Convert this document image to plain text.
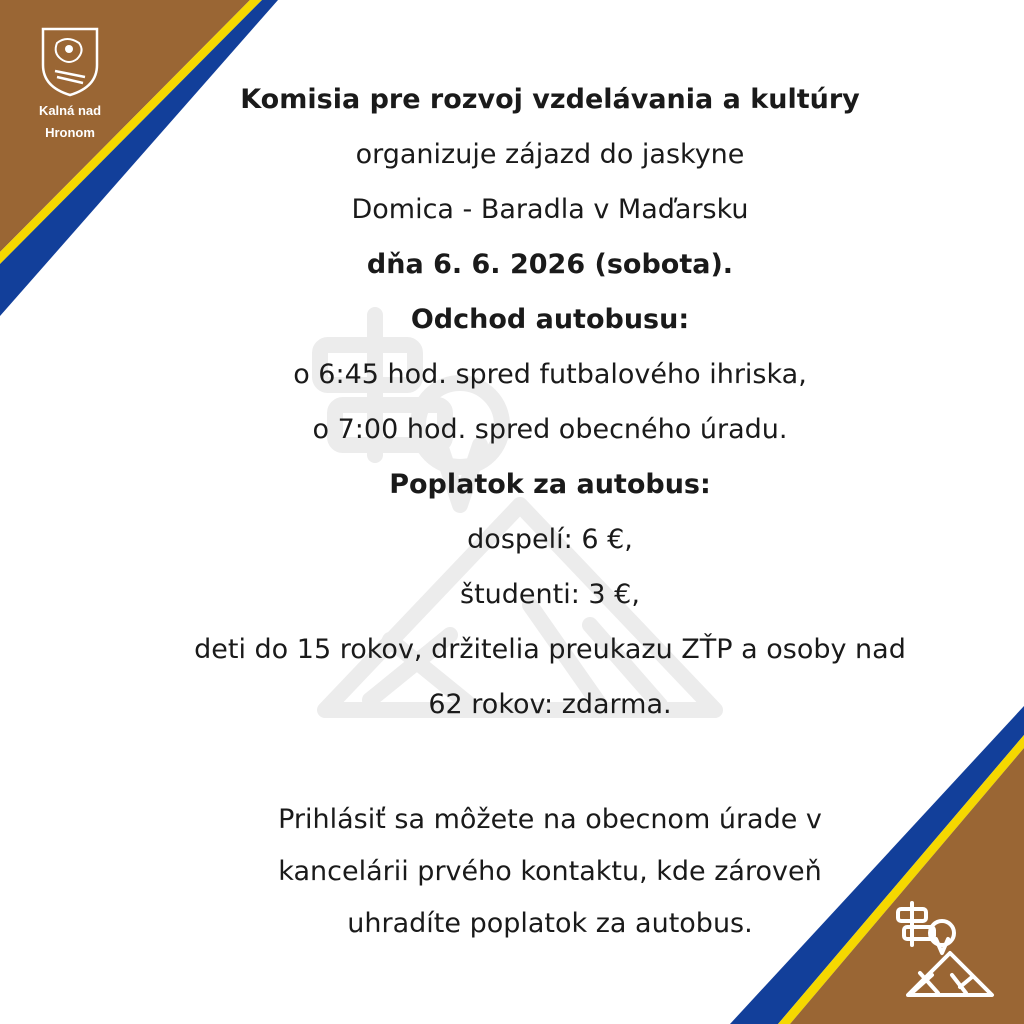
Kalná nad
Hronom
Komisia pre rozvoj vzdelávania a kultúry
organizuje zájazd do jaskyne
Domica - Baradla v Maďarsku
dňa 6. 6. 2026 (sobota).
Odchod autobusu:
o 6:45 hod. spred futbalového ihriska,
o 7:00 hod. spred obecného úradu.
Poplatok za autobus:
dospelí: 6 €,
študenti: 3 €,
deti do 15 rokov, držitelia preukazu ZŤP a osoby nad
62 rokov: zdarma.
Prihlásiť sa môžete na obecnom úrade v
kancelárii prvého kontaktu, kde zároveň
uhradíte poplatok za autobus.
